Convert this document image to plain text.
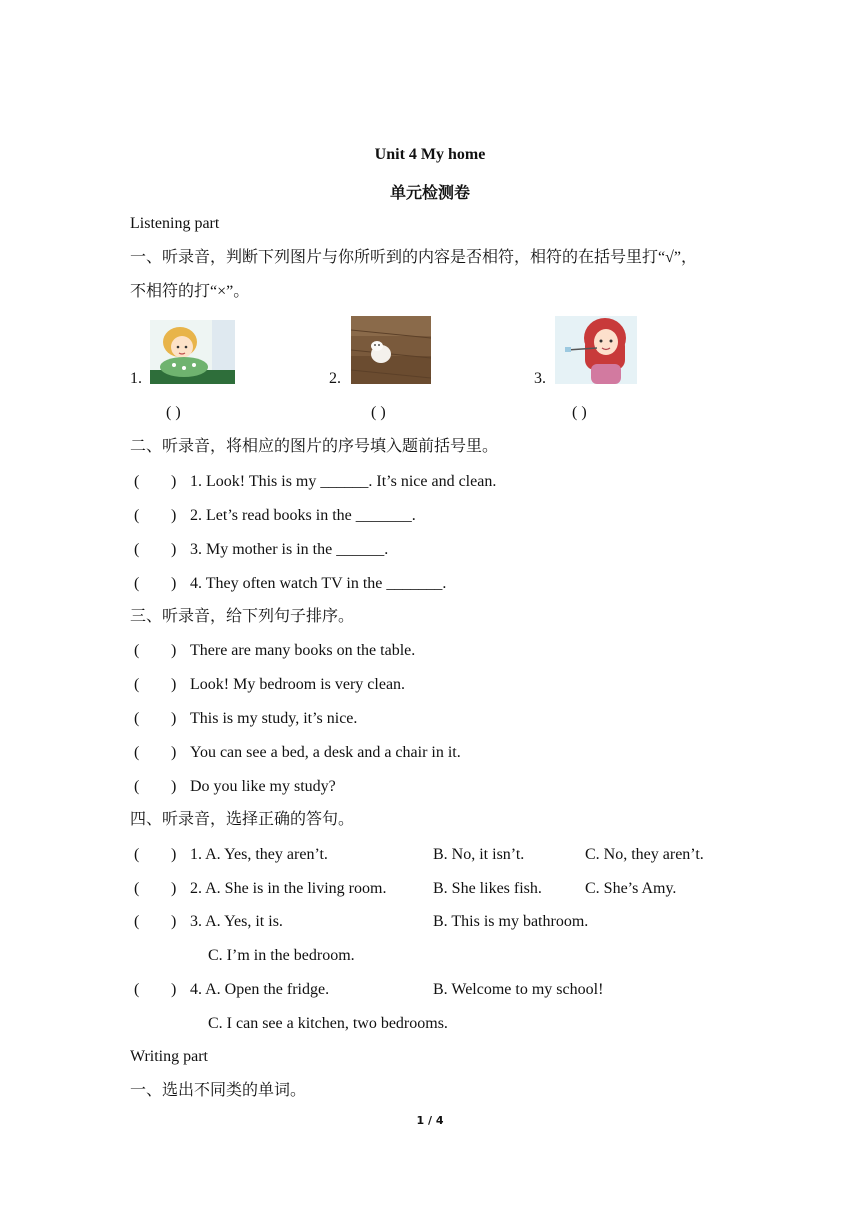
Unit 4 My home
单元检测卷
Listening part
一、听录音，判断下列图片与你所听到的内容是否相符，相符的在括号里打“√”，
不相符的打“×”。
1.
( )
2.
( )
3.
( )
二、听录音，将相应的图片的序号填入题前括号里。
( ) 1. Look! This is my ______. It’s nice and clean.
( ) 2. Let’s read books in the _______.
( ) 3. My mother is in the ______.
( ) 4. They often watch TV in the _______.
三、听录音，给下列句子排序。
( ) There are many books on the table.
( ) Look! My bedroom is very clean.
( ) This is my study, it’s nice.
( ) You can see a bed, a desk and a chair in it.
( ) Do you like my study?
四、听录音，选择正确的答句。
( ) 1. A. Yes, they aren’t.	B. No, it isn’t.	C. No, they aren’t.
( ) 2. A. She is in the living room.	B. She likes fish.	C. She’s Amy.
( ) 3. A. Yes, it is.	B. This is my bathroom.
C. I’m in the bedroom.
( ) 4. A. Open the fridge.	B. Welcome to my school!
C. I can see a kitchen, two bedrooms.
Writing part
一、选出不同类的单词。
1 / 4
